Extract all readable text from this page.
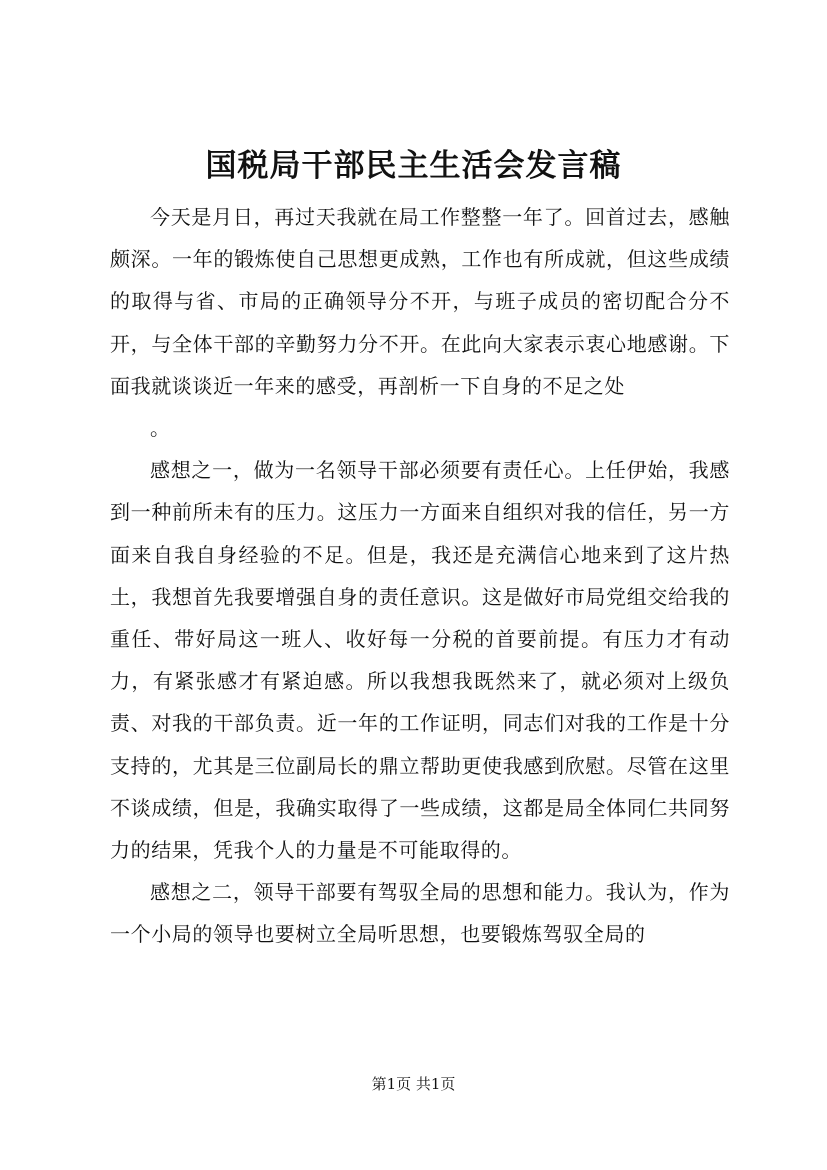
国税局干部民主生活会发言稿

今天是月日，再过天我就在局工作整整一年了。回首过去，感触颇深。一年的锻炼使自己思想更成熟，工作也有所成就，但这些成绩的取得与省、市局的正确领导分不开，与班子成员的密切配合分不开，与全体干部的辛勤努力分不开。在此向大家表示衷心地感谢。下面我就谈谈近一年来的感受，再剖析一下自身的不足之处

。

感想之一，做为一名领导干部必须要有责任心。上任伊始，我感到一种前所未有的压力。这压力一方面来自组织对我的信任，另一方面来自我自身经验的不足。但是，我还是充满信心地来到了这片热土，我想首先我要增强自身的责任意识。这是做好市局党组交给我的重任、带好局这一班人、收好每一分税的首要前提。有压力才有动力，有紧张感才有紧迫感。所以我想我既然来了，就必须对上级负责、对我的干部负责。近一年的工作证明，同志们对我的工作是十分支持的，尤其是三位副局长的鼎立帮助更使我感到欣慰。尽管在这里不谈成绩，但是，我确实取得了一些成绩，这都是局全体同仁共同努力的结果，凭我个人的力量是不可能取得的。

感想之二，领导干部要有驾驭全局的思想和能力。我认为，作为一个小局的领导也要树立全局听思想，也要锻炼驾驭全局的

第1页 共1页
